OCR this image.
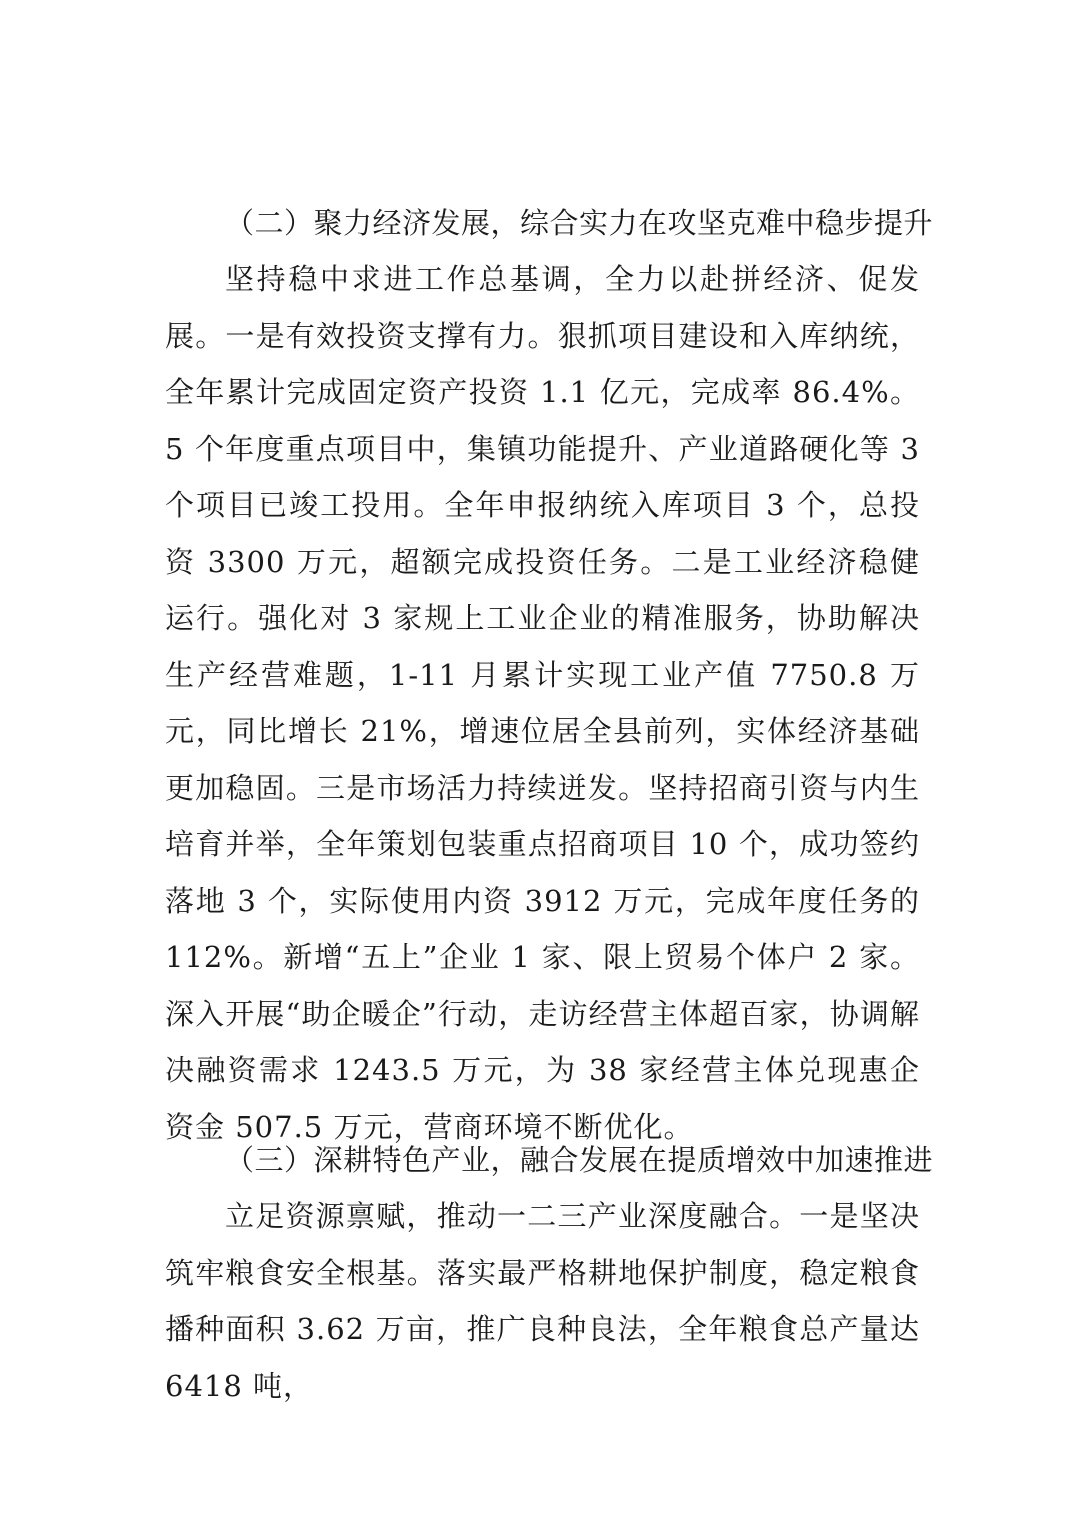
（二）聚力经济发展，综合实力在攻坚克难中稳步提升

坚持稳中求进工作总基调，全力以赴拼经济、促发展。一是有效投资支撑有力。狠抓项目建设和入库纳统，全年累计完成固定资产投资 1.1 亿元，完成率 86.4%。5 个年度重点项目中，集镇功能提升、产业道路硬化等 3 个项目已竣工投用。全年申报纳统入库项目 3 个，总投资 3300 万元，超额完成投资任务。二是工业经济稳健运行。强化对 3 家规上工业企业的精准服务，协助解决生产经营难题，1-11 月累计实现工业产值 7750.8 万元，同比增长 21%，增速位居全县前列，实体经济基础更加稳固。三是市场活力持续迸发。坚持招商引资与内生培育并举，全年策划包装重点招商项目 10 个，成功签约落地 3 个，实际使用内资 3912 万元，完成年度任务的 112%。新增“五上”企业 1 家、限上贸易个体户 2 家。深入开展“助企暖企”行动，走访经营主体超百家，协调解决融资需求 1243.5 万元，为 38 家经营主体兑现惠企资金 507.5 万元，营商环境不断优化。

（三）深耕特色产业，融合发展在提质增效中加速推进

立足资源禀赋，推动一二三产业深度融合。一是坚决筑牢粮食安全根基。落实最严格耕地保护制度，稳定粮食播种面积 3.62 万亩，推广良种良法，全年粮食总产量达 6418 吨，
